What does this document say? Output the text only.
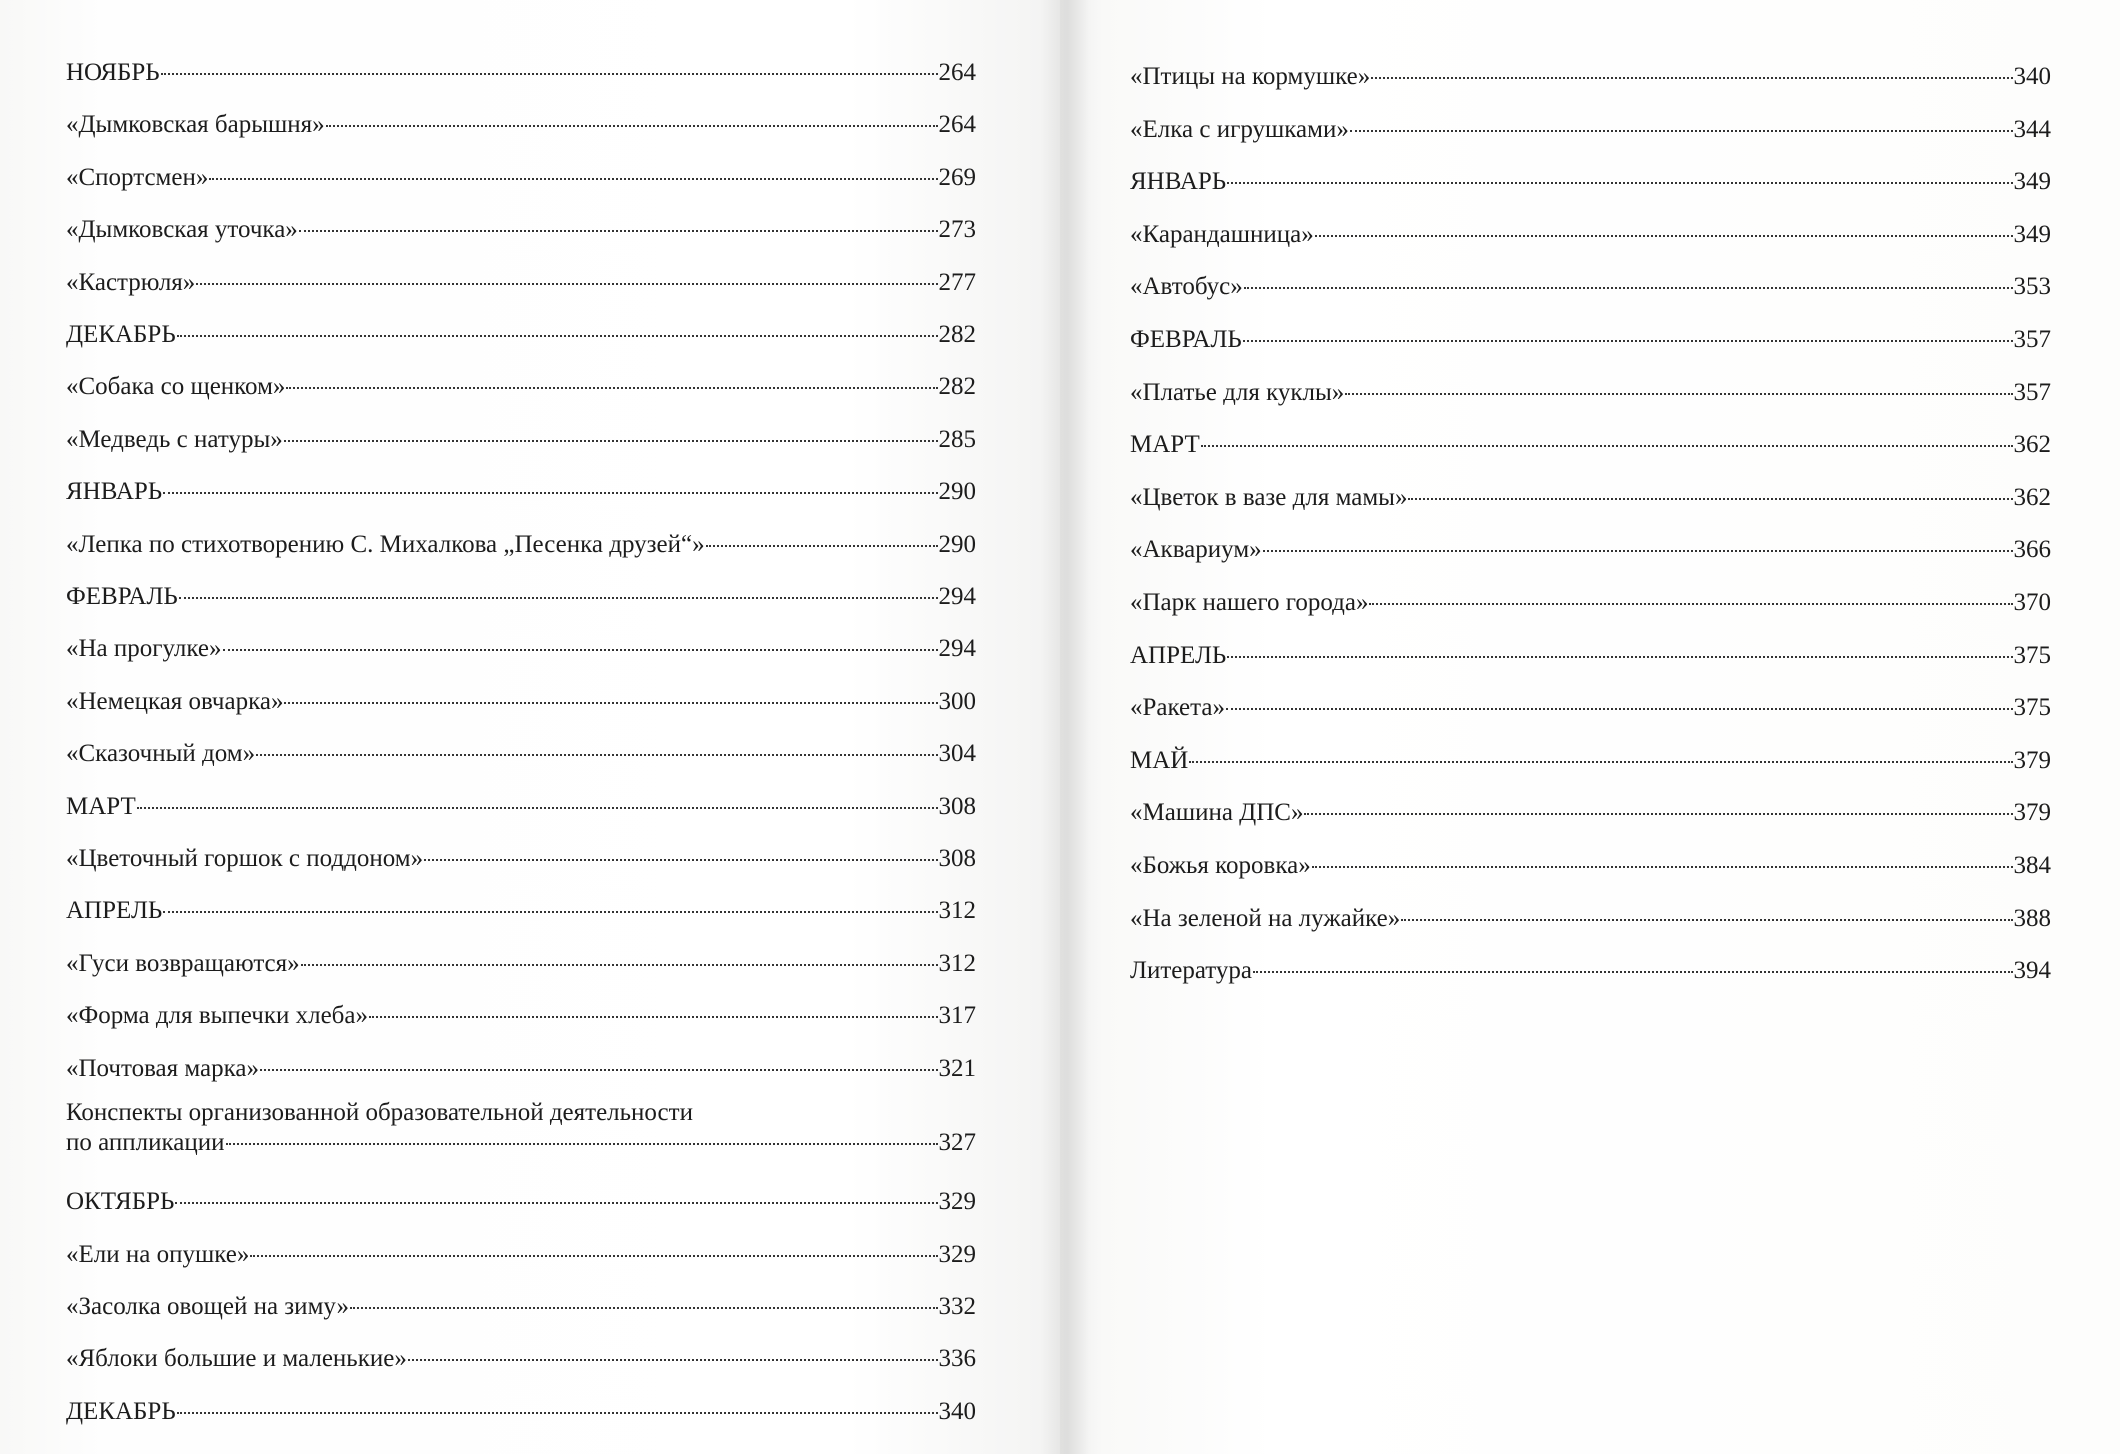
НОЯБРЬ	264
«Дымковская барышня»	264
«Спортсмен»	269
«Дымковская уточка»	273
«Кастрюля»	277
ДЕКАБРЬ	282
«Собака со щенком»	282
«Медведь с натуры»	285
ЯНВАРЬ	290
«Лепка по стихотворению С. Михалкова „Песенка друзей“»	290
ФЕВРАЛЬ	294
«На прогулке»	294
«Немецкая овчарка»	300
«Сказочный дом»	304
МАРТ	308
«Цветочный горшок с поддоном»	308
АПРЕЛЬ	312
«Гуси возвращаются»	312
«Форма для выпечки хлеба»	317
«Почтовая марка»	321
Конспекты организованной образовательной деятельности
по аппликации	327
ОКТЯБРЬ	329
«Ели на опушке»	329
«Засолка овощей на зиму»	332
«Яблоки большие и маленькие»	336
ДЕКАБРЬ	340
«Птицы на кормушке»	340
«Елка с игрушками»	344
ЯНВАРЬ	349
«Карандашница»	349
«Автобус»	353
ФЕВРАЛЬ	357
«Платье для куклы»	357
МАРТ	362
«Цветок в вазе для мамы»	362
«Аквариум»	366
«Парк нашего города»	370
АПРЕЛЬ	375
«Ракета»	375
МАЙ	379
«Машина ДПС»	379
«Божья коровка»	384
«На зеленой на лужайке»	388
Литература	394
